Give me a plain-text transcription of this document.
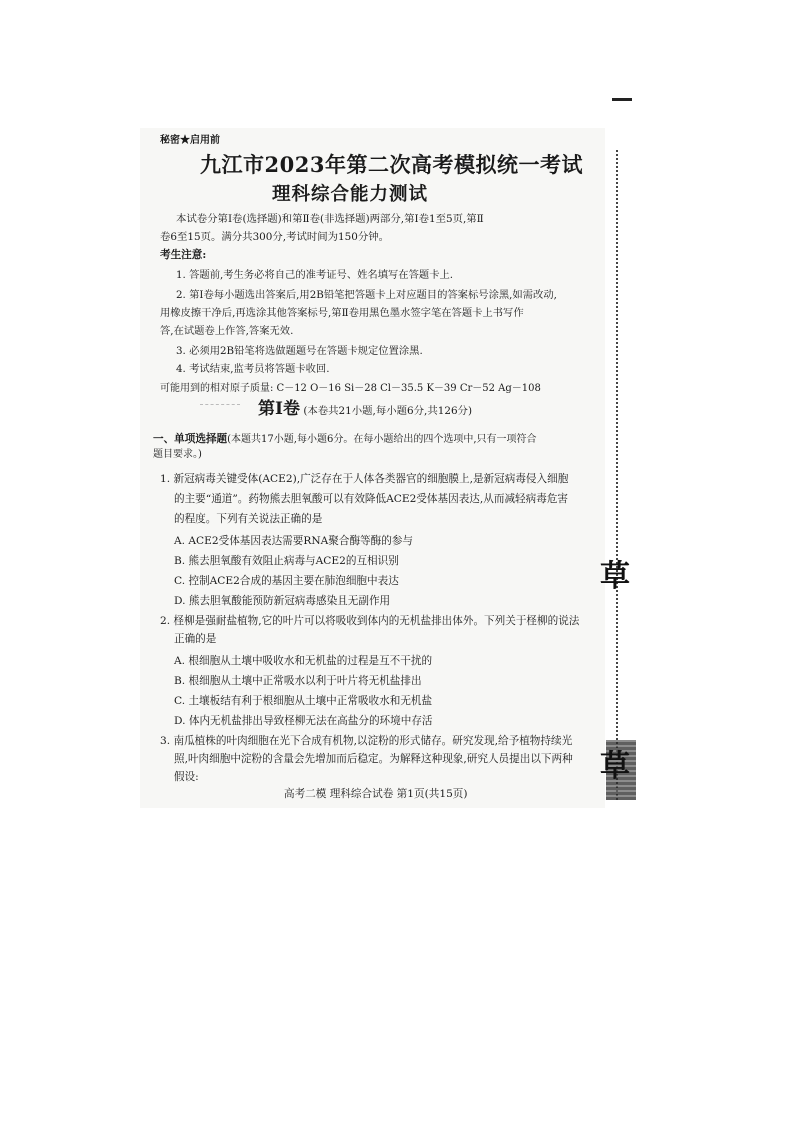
草
草
秘密★启用前
九江市2023年第二次高考模拟统一考试
理科综合能力测试
本试卷分第Ⅰ卷(选择题)和第Ⅱ卷(非选择题)两部分,第Ⅰ卷1至5页,第Ⅱ
卷6至15页。满分共300分,考试时间为150分钟。
考生注意:
1. 答题前,考生务必将自己的准考证号、姓名填写在答题卡上.
2. 第Ⅰ卷每小题选出答案后,用2B铅笔把答题卡上对应题目的答案标号涂黑,如需改动,
用橡皮擦干净后,再选涂其他答案标号,第Ⅱ卷用黑色墨水签字笔在答题卡上书写作
答,在试题卷上作答,答案无效.
3. 必须用2B铅笔将选做题题号在答题卡规定位置涂黑.
4. 考试结束,监考员将答题卡收回.
可能用到的相对原子质量: C－12 O－16 Si－28 Cl－35.5 K－39 Cr－52 Ag－108
第Ⅰ卷 (本卷共21小题,每小题6分,共126分)
一、单项选择题(本题共17小题,每小题6分。在每小题给出的四个选项中,只有一项符合
题目要求。)
1. 新冠病毒关键受体(ACE2),广泛存在于人体各类器官的细胞膜上,是新冠病毒侵入细胞
的主要“通道”。药物熊去胆氧酸可以有效降低ACE2受体基因表达,从而减轻病毒危害
的程度。下列有关说法正确的是
A. ACE2受体基因表达需要RNA聚合酶等酶的参与
B. 熊去胆氧酸有效阻止病毒与ACE2的互相识别
C. 控制ACE2合成的基因主要在肺泡细胞中表达
D. 熊去胆氧酸能预防新冠病毒感染且无副作用
2. 柽柳是强耐盐植物,它的叶片可以将吸收到体内的无机盐排出体外。下列关于柽柳的说法
正确的是
A. 根细胞从土壤中吸收水和无机盐的过程是互不干扰的
B. 根细胞从土壤中正常吸水以利于叶片将无机盐排出
C. 土壤板结有利于根细胞从土壤中正常吸收水和无机盐
D. 体内无机盐排出导致柽柳无法在高盐分的环境中存活
3. 南瓜植株的叶肉细胞在光下合成有机物,以淀粉的形式储存。研究发现,给予植物持续光
照,叶肉细胞中淀粉的含量会先增加而后稳定。为解释这种现象,研究人员提出以下两种
假设:
高考二模 理科综合试卷 第1页(共15页)
